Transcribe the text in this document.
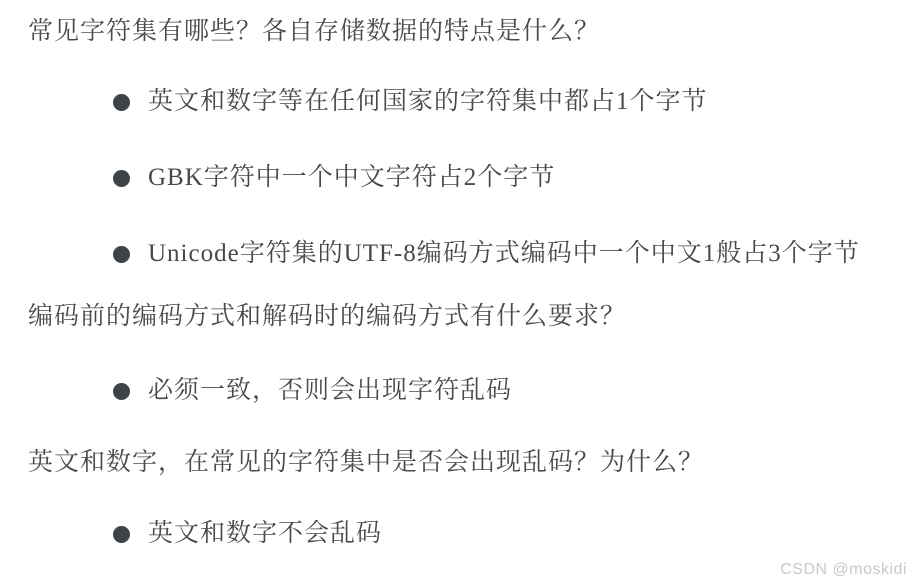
常见字符集有哪些？各自存储数据的特点是什么？
英文和数字等在任何国家的字符集中都占1个字节
GBK字符中一个中文字符占2个字节
Unicode字符集的UTF-8编码方式编码中一个中文1般占3个字节
编码前的编码方式和解码时的编码方式有什么要求？
必须一致，否则会出现字符乱码
英文和数字，在常见的字符集中是否会出现乱码？为什么？
英文和数字不会乱码
CSDN @moskidi
